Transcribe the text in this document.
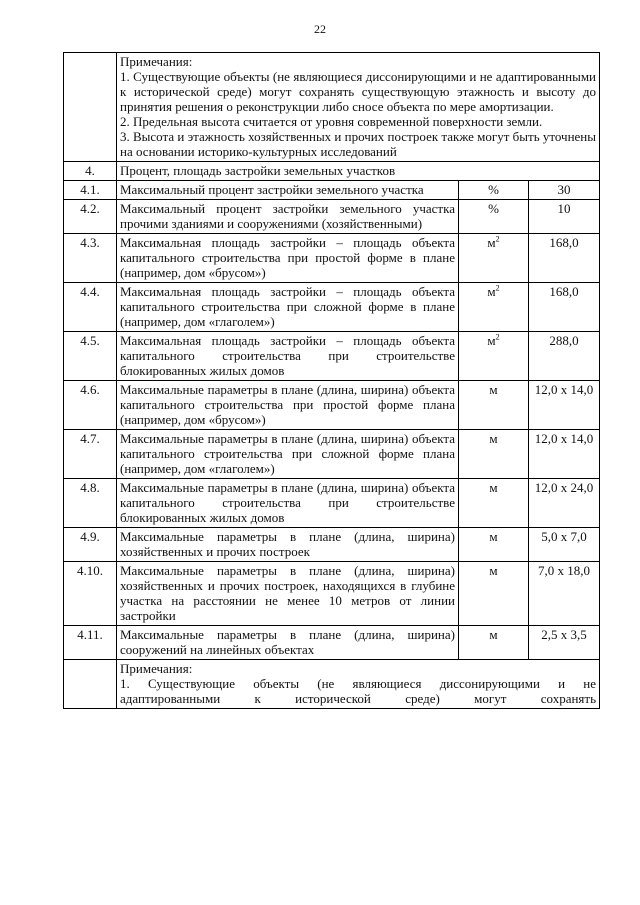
22

	Примечания:
1. Существующие объекты (не являющиеся диссонирующими и не адаптированными к исторической среде) могут сохранять существующую этажность и высоту до принятия решения о реконструкции либо сносе объекта по мере амортизации.
2. Предельная высота считается от уровня современной поверхности земли.
3. Высота и этажность хозяйственных и прочих построек также могут быть уточнены на основании историко-культурных исследований		

4.	Процент, площадь застройки земельных участков		
4.1.	Максимальный процент застройки земельного участка	%	30
4.2.	Максимальный процент застройки земельного участка прочими зданиями и сооружениями (хозяйственными)	%	10
4.3.	Максимальная площадь застройки – площадь объекта капитального строительства при простой форме в плане (например, дом «брусом»)	$м^2$	168,0
4.4.	Максимальная площадь застройки – площадь объекта капитального строительства при сложной форме в плане (например, дом «глаголем»)	$м^2$	168,0
4.5.	Максимальная площадь застройки – площадь объекта капитального строительства при строительстве блокированных жилых домов	$м^2$	288,0
4.6.	Максимальные параметры в плане (длина, ширина) объекта капитального строительства при простой форме плана (например, дом «брусом»)	м	12,0 х 14,0
4.7.	Максимальные параметры в плане (длина, ширина) объекта капитального строительства при сложной форме плана (например, дом «глаголем»)	м	12,0 х 14,0
4.8.	Максимальные параметры в плане (длина, ширина) объекта капитального строительства при строительстве блокированных жилых домов	м	12,0 х 24,0
4.9.	Максимальные параметры в плане (длина, ширина) хозяйственных и прочих построек	м	5,0 х 7,0
4.10.	Максимальные параметры в плане (длина, ширина) хозяйственных и прочих построек, находящихся в глубине участка на расстоянии не менее 10 метров от линии застройки	м	7,0 х 18,0
4.11.	Максимальные параметры в плане (длина, ширина) сооружений на линейных объектах	м	2,5 х 3,5

	Примечания:
1. Существующие объекты (не являющиеся диссонирующими и не
адаптированными к исторической среде) могут сохранять		
